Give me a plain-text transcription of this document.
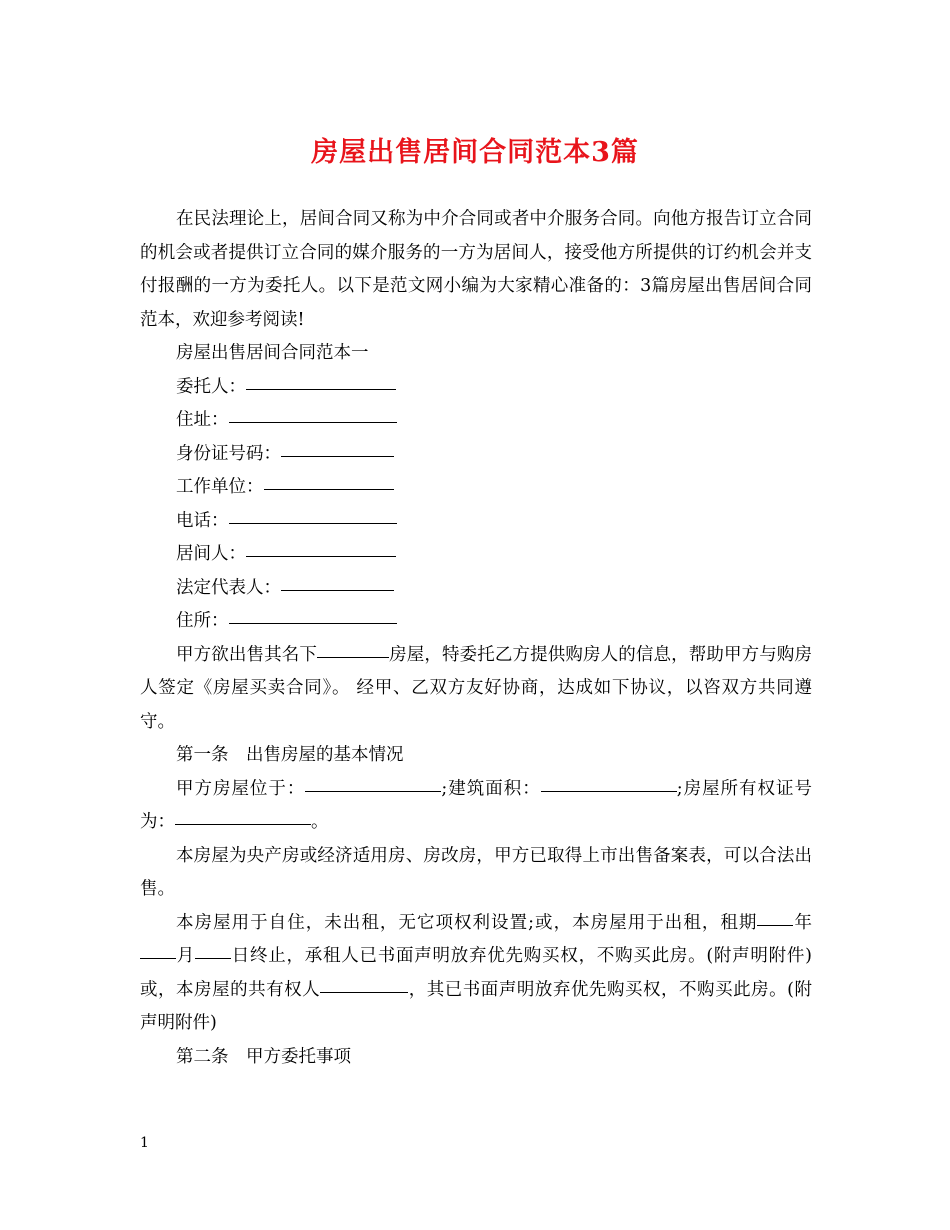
房屋出售居间合同范本3篇

在民法理论上，居间合同又称为中介合同或者中介服务合同。向他方报告订立合同的机会或者提供订立合同的媒介服务的一方为居间人，接受他方所提供的订约机会并支付报酬的一方为委托人。以下是范文网小编为大家精心准备的：3篇房屋出售居间合同范本，欢迎参考阅读!

房屋出售居间合同范本一

委托人：

住址：

身份证号码：

工作单位：

电话：

居间人：

法定代表人：

住所：

甲方欲出售其名下	房屋，特委托乙方提供购房人的信息，帮助甲方与购房人签定《房屋买卖合同》。 经甲、乙双方友好协商，达成如下协议，以咨双方共同遵守。

第一条　出售房屋的基本情况

甲方房屋位于：	;建筑面积：	;房屋所有权证号为：	。

本房屋为央产房或经济适用房、房改房，甲方已取得上市出售备案表，可以合法出售。

本房屋用于自住，未出租，无它项权利设置;或，本房屋用于出租，租期 年月 日终止，承租人已书面声明放弃优先购买权，不购买此房。(附声明附件)或，本房屋的共有权人	，其已书面声明放弃优先购买权，不购买此房。(附声明附件)

第二条　甲方委托事项

1
